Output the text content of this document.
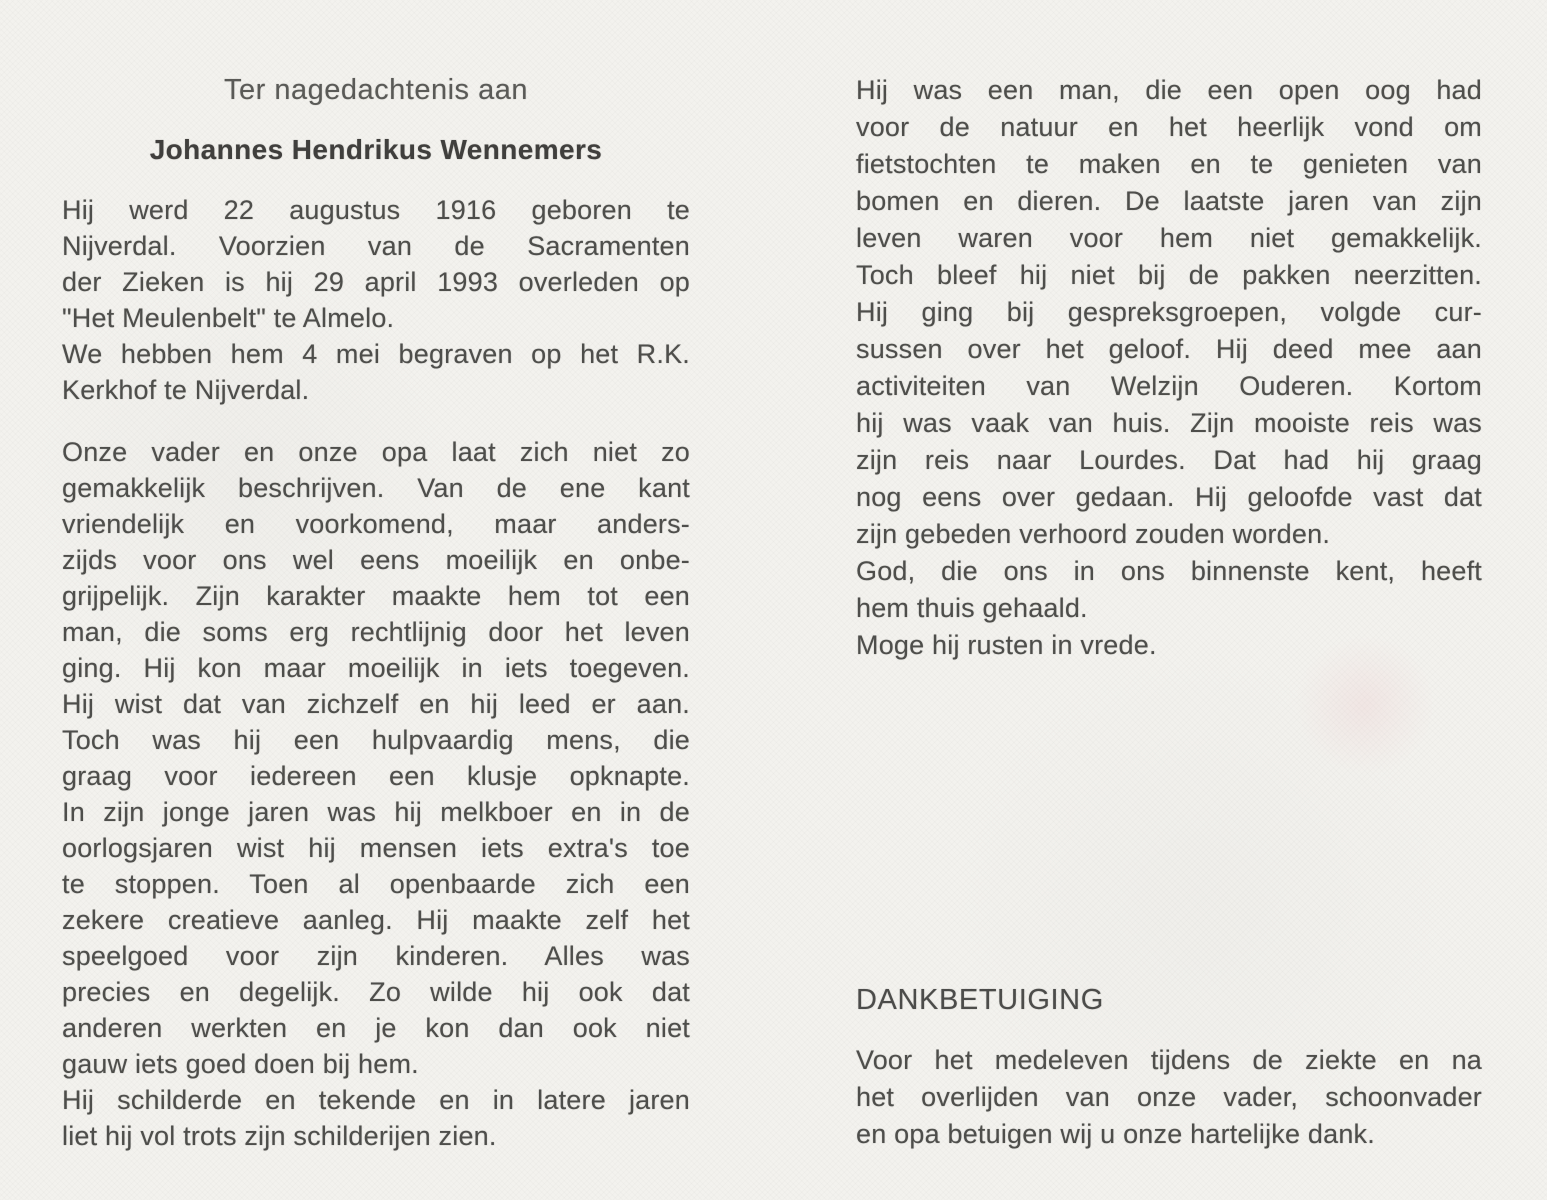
Ter nagedachtenis aan
Johannes Hendrikus Wennemers
Hij werd 22 augustus 1916 geboren te
Nijverdal. Voorzien van de Sacramenten
der Zieken is hij 29 april 1993 overleden op
"Het Meulenbelt" te Almelo.
We hebben hem 4 mei begraven op het R.K.
Kerkhof te Nijverdal.
Onze vader en onze opa laat zich niet zo
gemakkelijk beschrijven. Van de ene kant
vriendelijk en voorkomend, maar anders-
zijds voor ons wel eens moeilijk en onbe-
grijpelijk. Zijn karakter maakte hem tot een
man, die soms erg rechtlijnig door het leven
ging. Hij kon maar moeilijk in iets toegeven.
Hij wist dat van zichzelf en hij leed er aan.
Toch was hij een hulpvaardig mens, die
graag voor iedereen een klusje opknapte.
In zijn jonge jaren was hij melkboer en in de
oorlogsjaren wist hij mensen iets extra's toe
te stoppen. Toen al openbaarde zich een
zekere creatieve aanleg. Hij maakte zelf het
speelgoed voor zijn kinderen. Alles was
precies en degelijk. Zo wilde hij ook dat
anderen werkten en je kon dan ook niet
gauw iets goed doen bij hem.
Hij schilderde en tekende en in latere jaren
liet hij vol trots zijn schilderijen zien.
Hij was een man, die een open oog had
voor de natuur en het heerlijk vond om
fietstochten te maken en te genieten van
bomen en dieren. De laatste jaren van zijn
leven waren voor hem niet gemakkelijk.
Toch bleef hij niet bij de pakken neerzitten.
Hij ging bij gespreksgroepen, volgde cur-
sussen over het geloof. Hij deed mee aan
activiteiten van Welzijn Ouderen. Kortom
hij was vaak van huis. Zijn mooiste reis was
zijn reis naar Lourdes. Dat had hij graag
nog eens over gedaan. Hij geloofde vast dat
zijn gebeden verhoord zouden worden.
God, die ons in ons binnenste kent, heeft
hem thuis gehaald.
Moge hij rusten in vrede.
DANKBETUIGING
Voor het medeleven tijdens de ziekte en na
het overlijden van onze vader, schoonvader
en opa betuigen wij u onze hartelijke dank.
